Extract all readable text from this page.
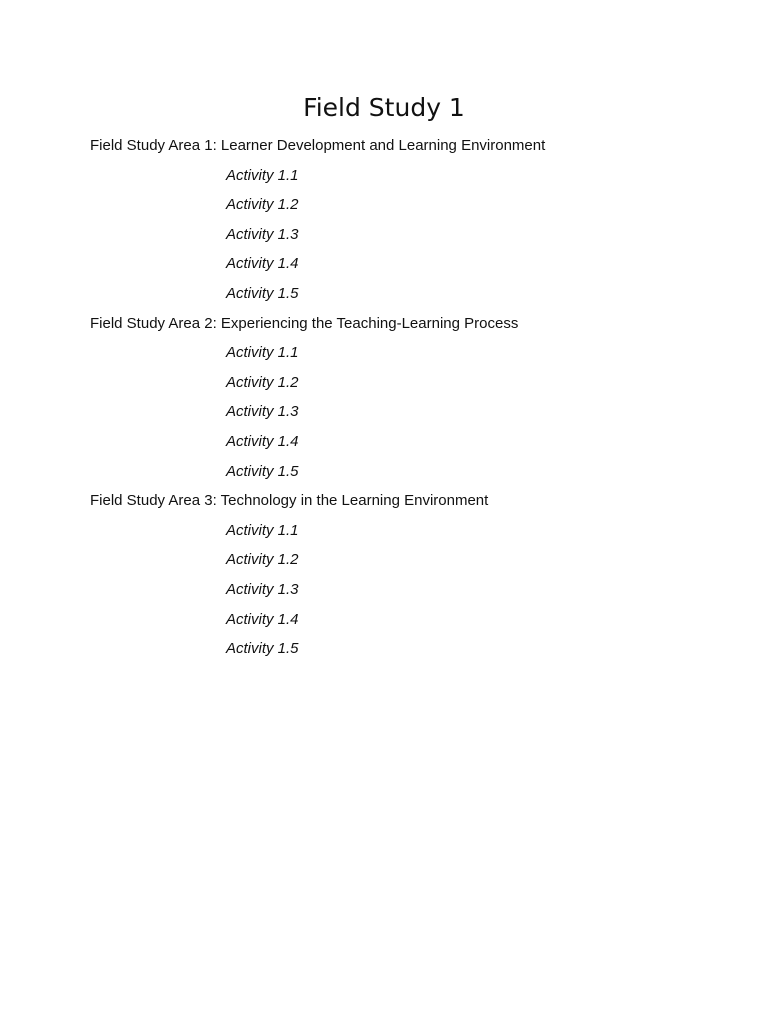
Field Study 1

Field Study Area 1: Learner Development and Learning Environment

Activity 1.1

Activity 1.2

Activity 1.3

Activity 1.4

Activity 1.5

Field Study Area 2: Experiencing the Teaching-Learning Process

Activity 1.1

Activity 1.2

Activity 1.3

Activity 1.4

Activity 1.5

Field Study Area 3: Technology in the Learning Environment

Activity 1.1

Activity 1.2

Activity 1.3

Activity 1.4

Activity 1.5
